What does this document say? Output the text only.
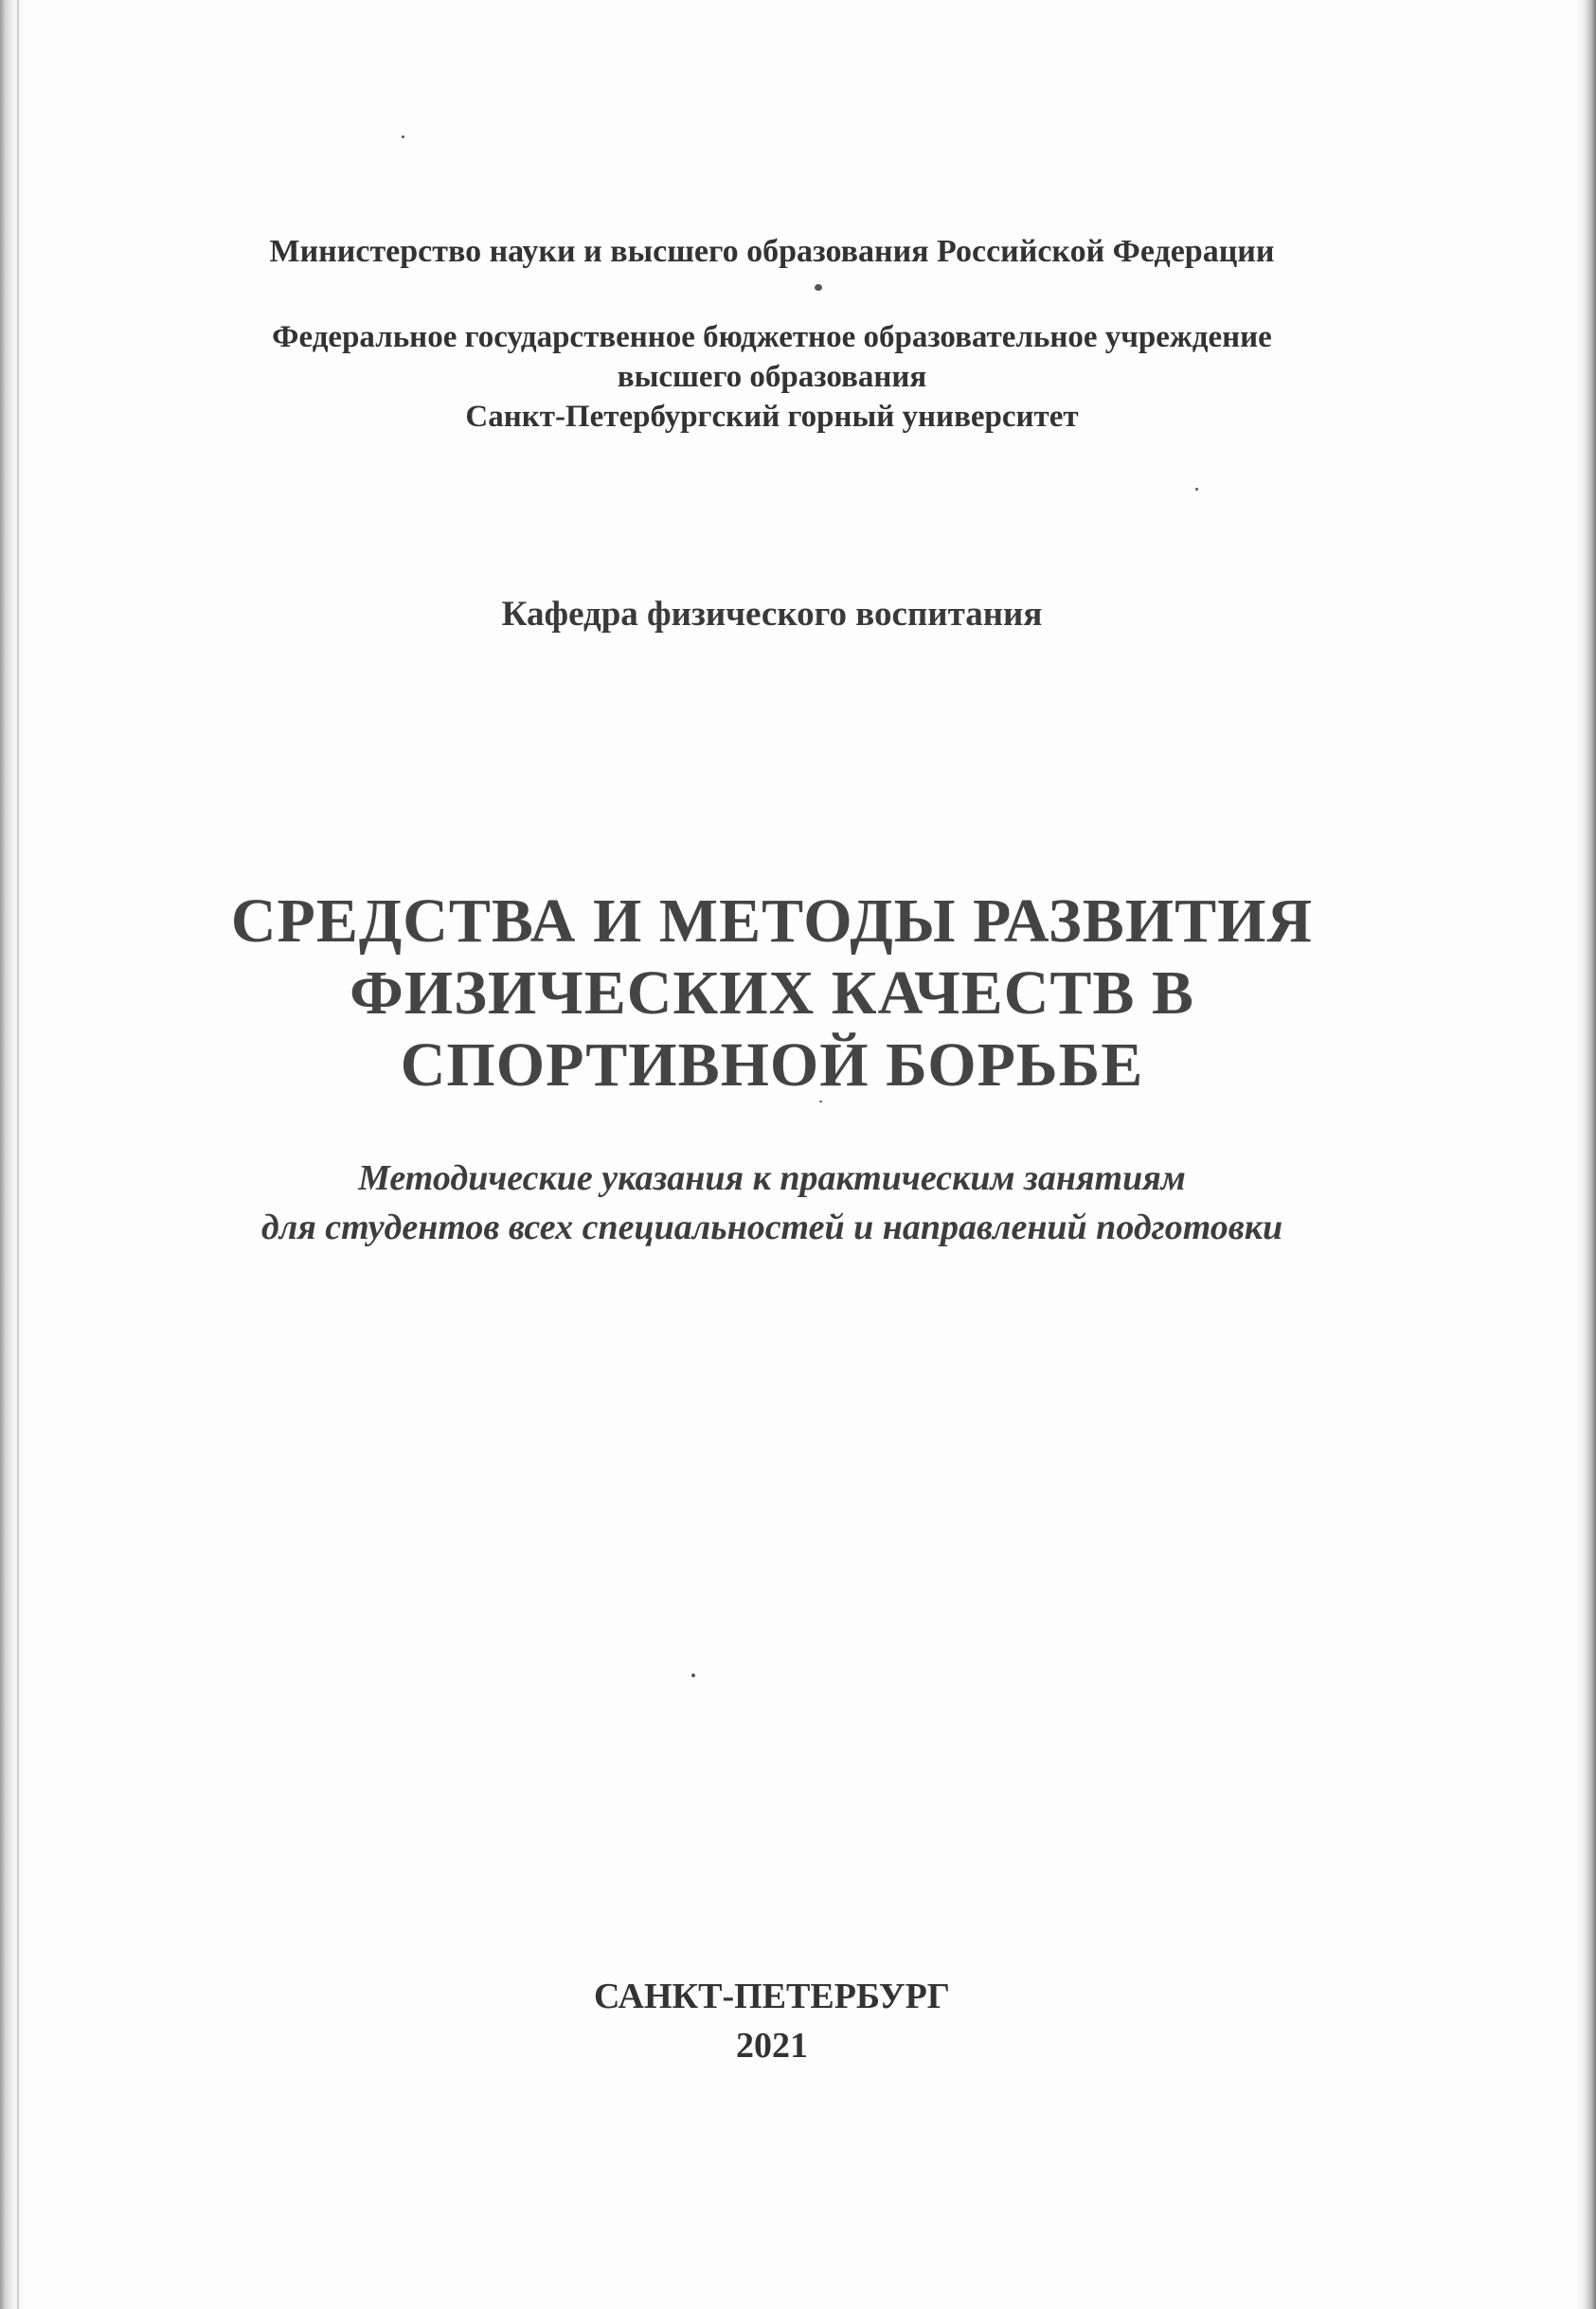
Министерство науки и высшего образования Российской Федерации
Федеральное государственное бюджетное образовательное учреждение
высшего образования
Санкт-Петербургский горный университет
Кафедра физического воспитания
СРЕДСТВА И МЕТОДЫ РАЗВИТИЯ
ФИЗИЧЕСКИХ КАЧЕСТВ В
СПОРТИВНОЙ БОРЬБЕ
Методические указания к практическим занятиям
для студентов всех специальностей и направлений подготовки
САНКТ-ПЕТЕРБУРГ
2021
